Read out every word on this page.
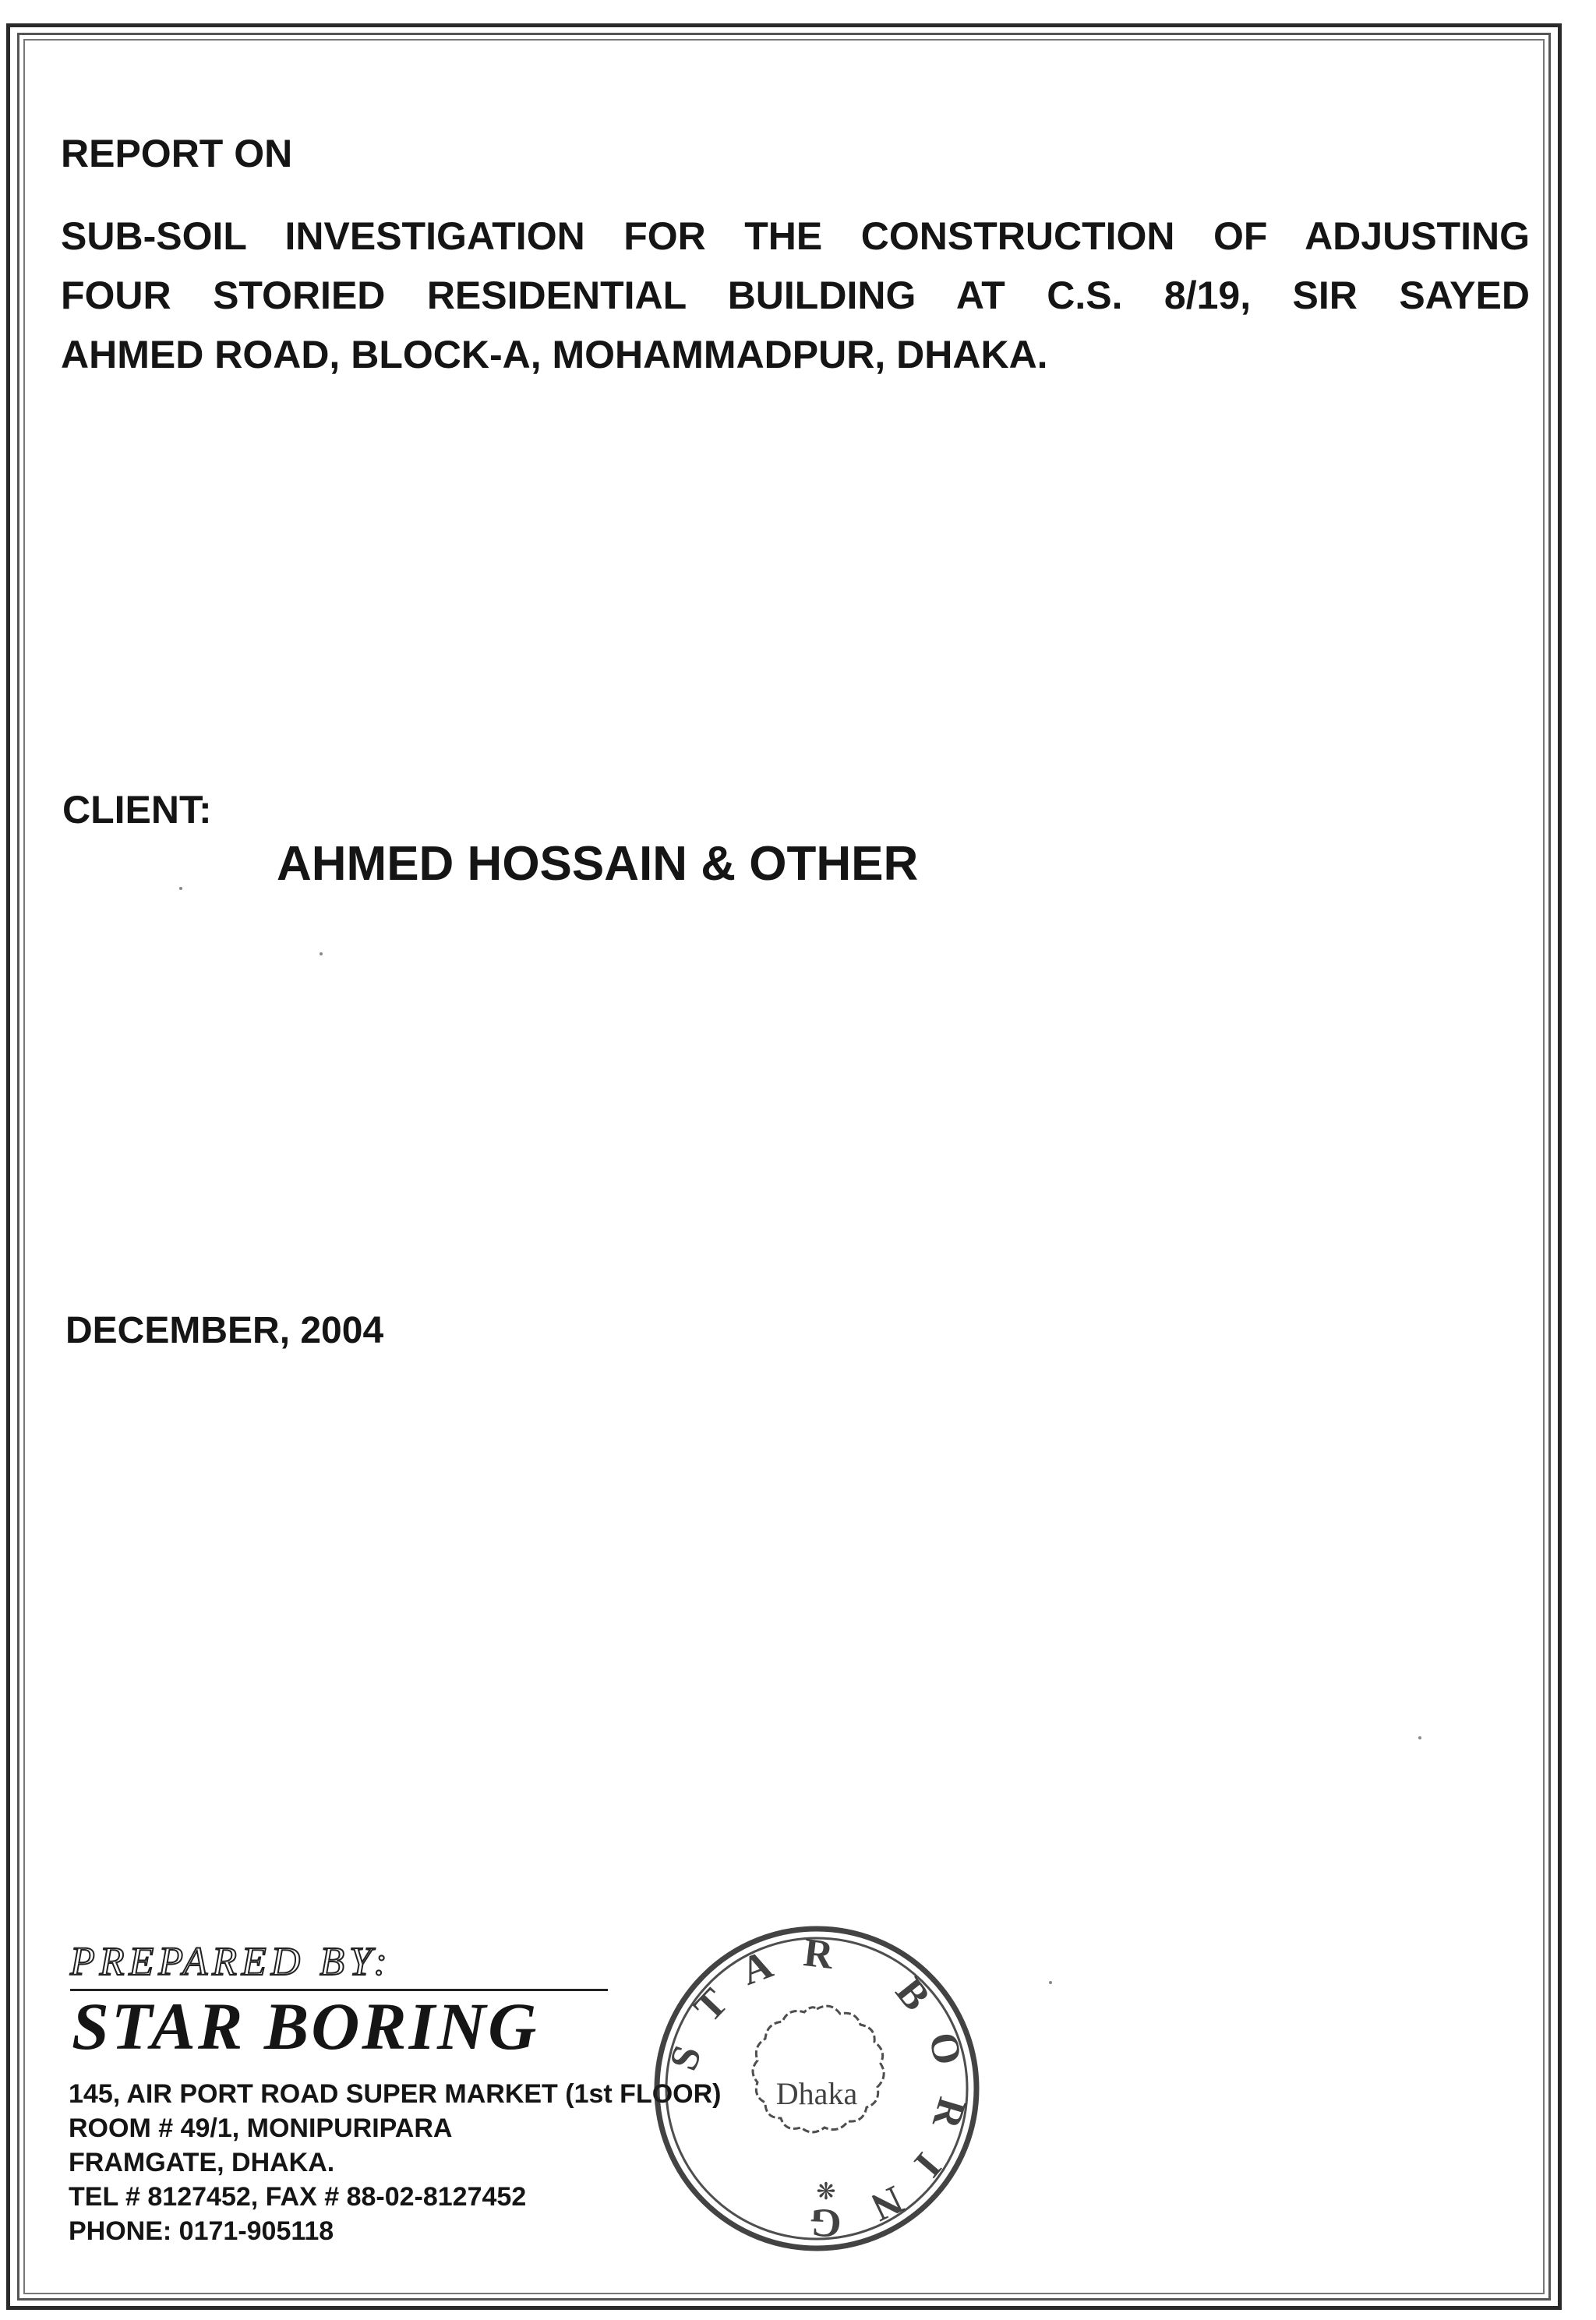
REPORT ON
SUB-SOIL INVESTIGATION FOR THE CONSTRUCTION OF ADJUSTING
FOUR STORIED RESIDENTIAL BUILDING AT C.S. 8/19, SIR SAYED
AHMED ROAD, BLOCK-A, MOHAMMADPUR, DHAKA.
CLIENT:
AHMED HOSSAIN & OTHER
DECEMBER, 2004
PREPARED BY:
STAR BORING
145, AIR PORT ROAD SUPER MARKET (1st FLOOR)
ROOM # 49/1, MONIPURIPARA
FRAMGATE, DHAKA.
TEL # 8127452, FAX # 88-02-8127452
PHONE: 0171-905118
STAR BORING
Dhaka
❋
